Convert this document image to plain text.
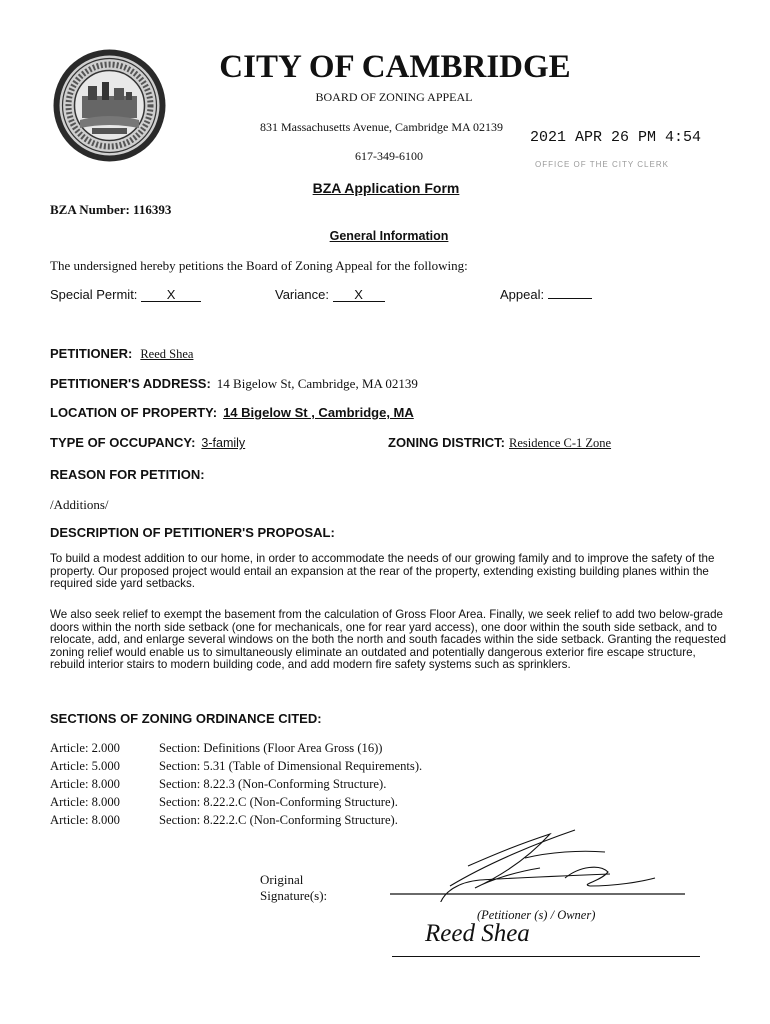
CITY OF CAMBRIDGE
BOARD OF ZONING APPEAL
831 Massachusetts Avenue, Cambridge MA 02139
2021 APR 26 PM 4:54
617-349-6100
OFFICE OF THE CITY CLERK
BZA Application Form
BZA Number: 116393
General Information
The undersigned hereby petitions the Board of Zoning Appeal for the following:
Special Permit: X	Variance: X	Appeal:
PETITIONER: Reed Shea
PETITIONER'S ADDRESS: 14 Bigelow St, Cambridge, MA 02139
LOCATION OF PROPERTY: 14 Bigelow St , Cambridge, MA
TYPE OF OCCUPANCY: 3-family	ZONING DISTRICT: Residence C-1 Zone
REASON FOR PETITION:
/Additions/
DESCRIPTION OF PETITIONER'S PROPOSAL:
To build a modest addition to our home, in order to accommodate the needs of our growing family and to improve the safety of the property. Our proposed project would entail an expansion at the rear of the property, extending existing building planes within the required side yard setbacks.
We also seek relief to exempt the basement from the calculation of Gross Floor Area. Finally, we seek relief to add two below-grade doors within the north side setback (one for mechanicals, one for rear yard access), one door within the south side setback, and to relocate, add, and enlarge several windows on the both the north and south facades within the side setback. Granting the requested zoning relief would enable us to simultaneously eliminate an outdated and potentially dangerous exterior fire escape structure, rebuild interior stairs to modern building code, and add modern fire safety systems such as sprinklers.
SECTIONS OF ZONING ORDINANCE CITED:
Article: 2.000	Section: Definitions (Floor Area Gross (16))
Article: 5.000	Section: 5.31 (Table of Dimensional Requirements).
Article: 8.000	Section: 8.22.3 (Non-Conforming Structure).
Article: 8.000	Section: 8.22.2.C (Non-Conforming Structure).
Article: 8.000	Section: 8.22.2.C (Non-Conforming Structure).
Original
Signature(s):
(Petitioner (s) / Owner)
Reed Shea
